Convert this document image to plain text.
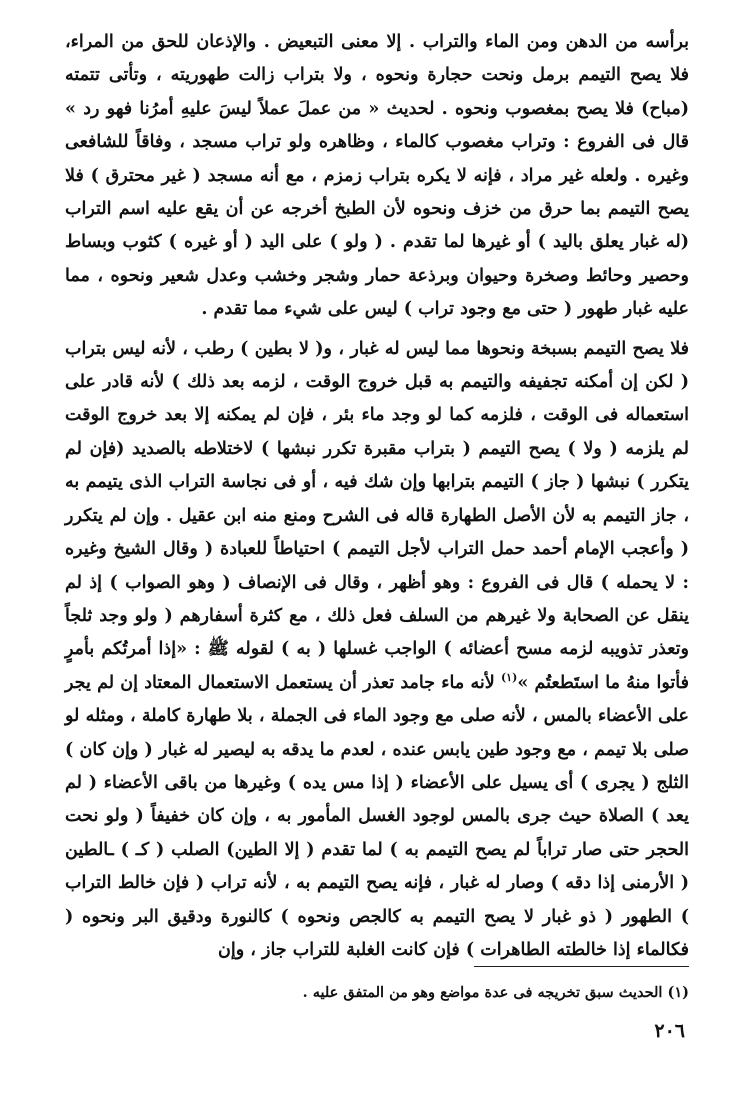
برأسه من الدهن ومن الماء والتراب . إلا معنى التبعيض . والإذعان للحق من المراء، فلا يصح التيمم برمل ونحت حجارة ونحوه ، ولا بتراب زالت طهوريته ، وتأتى تتمته (مباح) فلا يصح بمغصوب ونحوه . لحديث « من عملَ عملاً ليسَ عليهِ أمرُنا فهو رد » قال فى الفروع : وتراب مغصوب كالماء ، وظاهره ولو تراب مسجد ، وفاقاً للشافعى وغيره . ولعله غير مراد ، فإنه لا يكره بتراب زمزم ، مع أنه مسجد ( غير محترق ) فلا يصح التيمم بما حرق من خزف ونحوه لأن الطبخ أخرجه عن أن يقع عليه اسم التراب (له غبار يعلق باليد ) أو غيرها لما تقدم . ( ولو ) على اليد ( أو غيره ) كثوب وبساط وحصير وحائط وصخرة وحيوان وبرذعة حمار وشجر وخشب وعدل شعير ونحوه ، مما عليه غبار طهور ( حتى مع وجود تراب ) ليس على شيء مما تقدم .

فلا يصح التيمم بسبخة ونحوها مما ليس له غبار ، و( لا بطين ) رطب ، لأنه ليس بتراب ( لكن إن أمكنه تجفيفه والتيمم به قبل خروج الوقت ، لزمه بعد ذلك ) لأنه قادر على استعماله فى الوقت ، فلزمه كما لو وجد ماء بئر ، فإن لم يمكنه إلا بعد خروج الوقت لم يلزمه ( ولا ) يصح التيمم ( بتراب مقبرة تكرر نبشها ) لاختلاطه بالصديد (فإن لم يتكرر ) نبشها ( جاز ) التيمم بترابها وإن شك فيه ، أو فى نجاسة التراب الذى يتيمم به ، جاز التيمم به لأن الأصل الطهارة قاله فى الشرح ومنع منه ابن عقيل . وإن لم يتكرر ( وأعجب الإمام أحمد حمل التراب لأجل التيمم ) احتياطاً للعبادة ( وقال الشيخ وغيره : لا يحمله ) قال فى الفروع : وهو أظهر ، وقال فى الإنصاف ( وهو الصواب ) إذ لم ينقل عن الصحابة ولا غيرهم من السلف فعل ذلك ، مع كثرة أسفارهم ( ولو وجد ثلجاً وتعذر تذويبه لزمه مسح أعضائه ) الواجب غسلها ( به ) لقوله ﷺ : «إذا أمرتُكم بأمرٍ فأتوا منهُ ما استَطعتُم »$^{(١)}$ لأنه ماء جامد تعذر أن يستعمل الاستعمال المعتاد إن لم يجر على الأعضاء بالمس ، لأنه صلى مع وجود الماء فى الجملة ، بلا طهارة كاملة ، ومثله لو صلى بلا تيمم ، مع وجود طين يابس عنده ، لعدم ما يدقه به ليصير له غبار ( وإن كان ) الثلج ( يجرى ) أى يسيل على الأعضاء ( إذا مس يده ) وغيرها من باقى الأعضاء ( لم يعد ) الصلاة حيث جرى بالمس لوجود الغسل المأمور به ، وإن كان خفيفاً ( ولو نحت الحجر حتى صار تراباً لم يصح التيمم به ) لما تقدم ( إلا الطين) الصلب ( كـ ) ـالطين ( الأرمنى إذا دقه ) وصار له غبار ، فإنه يصح التيمم به ، لأنه تراب ( فإن خالط التراب ) الطهور ( ذو غبار لا يصح التيمم به كالجص ونحوه ) كالنورة ودقيق البر ونحوه ( فكالماء إذا خالطته الطاهرات ) فإن كانت الغلبة للتراب جاز ، وإن

(١) الحديث سبق تخريجه فى عدة مواضع وهو من المتفق عليه .
٢٠٦
